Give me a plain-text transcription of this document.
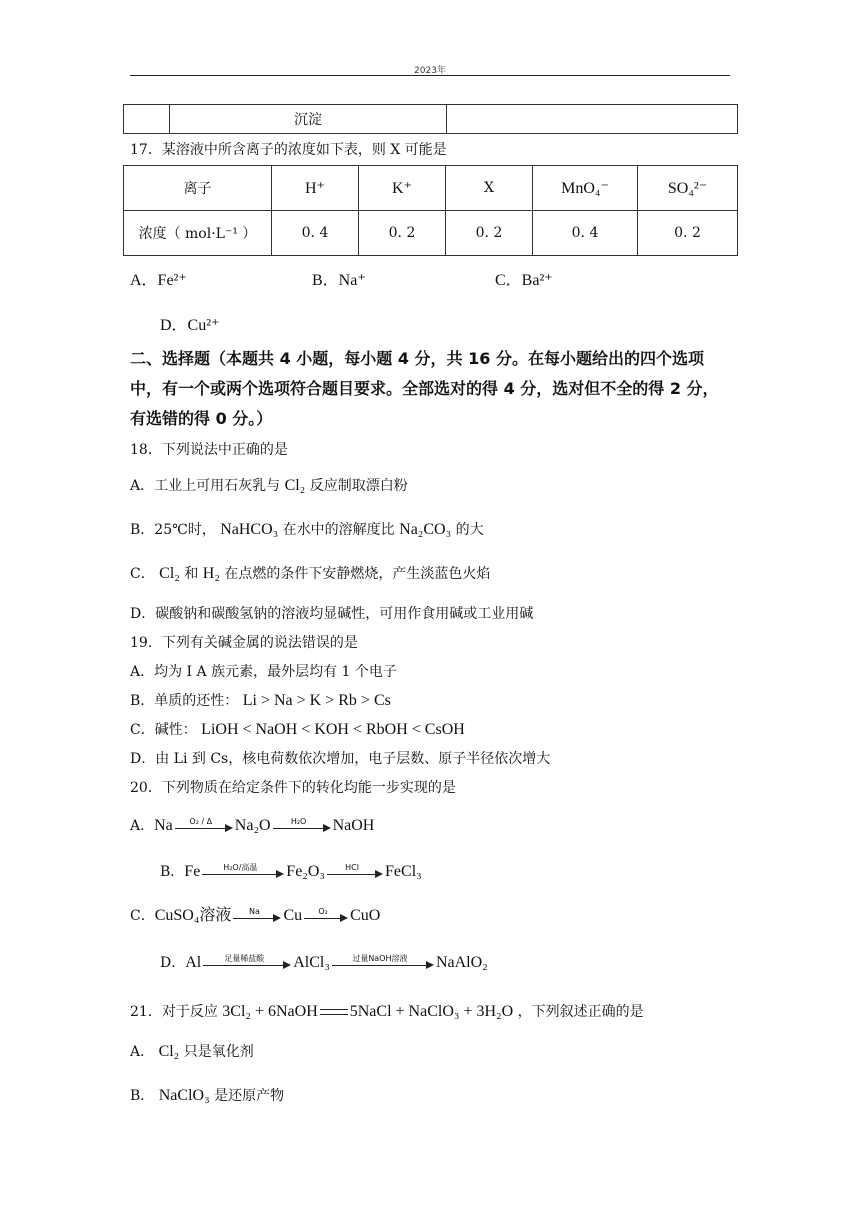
2023年
	沉淀	
17．某溶液中所含离子的浓度如下表，则 X 可能是
离子	H⁺	K⁺	X	MnO₄⁻	SO₄²⁻
浓度（ mol·L⁻¹ ）	0. 4	0. 2	0. 2	0. 4	0. 2
A．Fe²⁺	B．Na⁺	C．Ba²⁺
D．Cu²⁺
二、选择题（本题共 4 小题，每小题 4 分，共 16 分。在每小题给出的四个选项中，有一个或两个选项符合题目要求。全部选对的得 4 分，选对但不全的得 2 分，有选错的得 0 分。）
18．下列说法中正确的是
A．工业上可用石灰乳与 Cl₂ 反应制取漂白粉
B．25℃时， NaHCO₃ 在水中的溶解度比 Na₂CO₃ 的大
C． Cl₂ 和 H₂ 在点燃的条件下安静燃烧，产生淡蓝色火焰
D．碳酸钠和碳酸氢钠的溶液均显碱性，可用作食用碱或工业用碱
19．下列有关碱金属的说法错误的是
A．均为 I A 族元素，最外层均有 1 个电子
B．单质的还性： Li > Na > K > Rb > Cs
C．碱性： LiOH < NaOH < KOH < RbOH < CsOH
D．由 Li 到 Cs，核电荷数依次增加，电子层数、原子半径依次增大
20．下列物质在给定条件下的转化均能一步实现的是
A．Na	O₂ / Δ	Na₂O	H₂O	NaOH
B．Fe	H₂O/高温	Fe₂O₃	HCl	FeCl₃
C．CuSO₄溶液	Na	Cu	O₂	CuO
D．Al	足量稀盐酸	AlCl₃	过量NaOH溶液	NaAlO₂
21．对于反应 3Cl₂ + 6NaOH 5NaCl + NaClO₃ + 3H₂O ，下列叙述正确的是
A． Cl₂ 只是氧化剂
B． NaClO₃ 是还原产物
